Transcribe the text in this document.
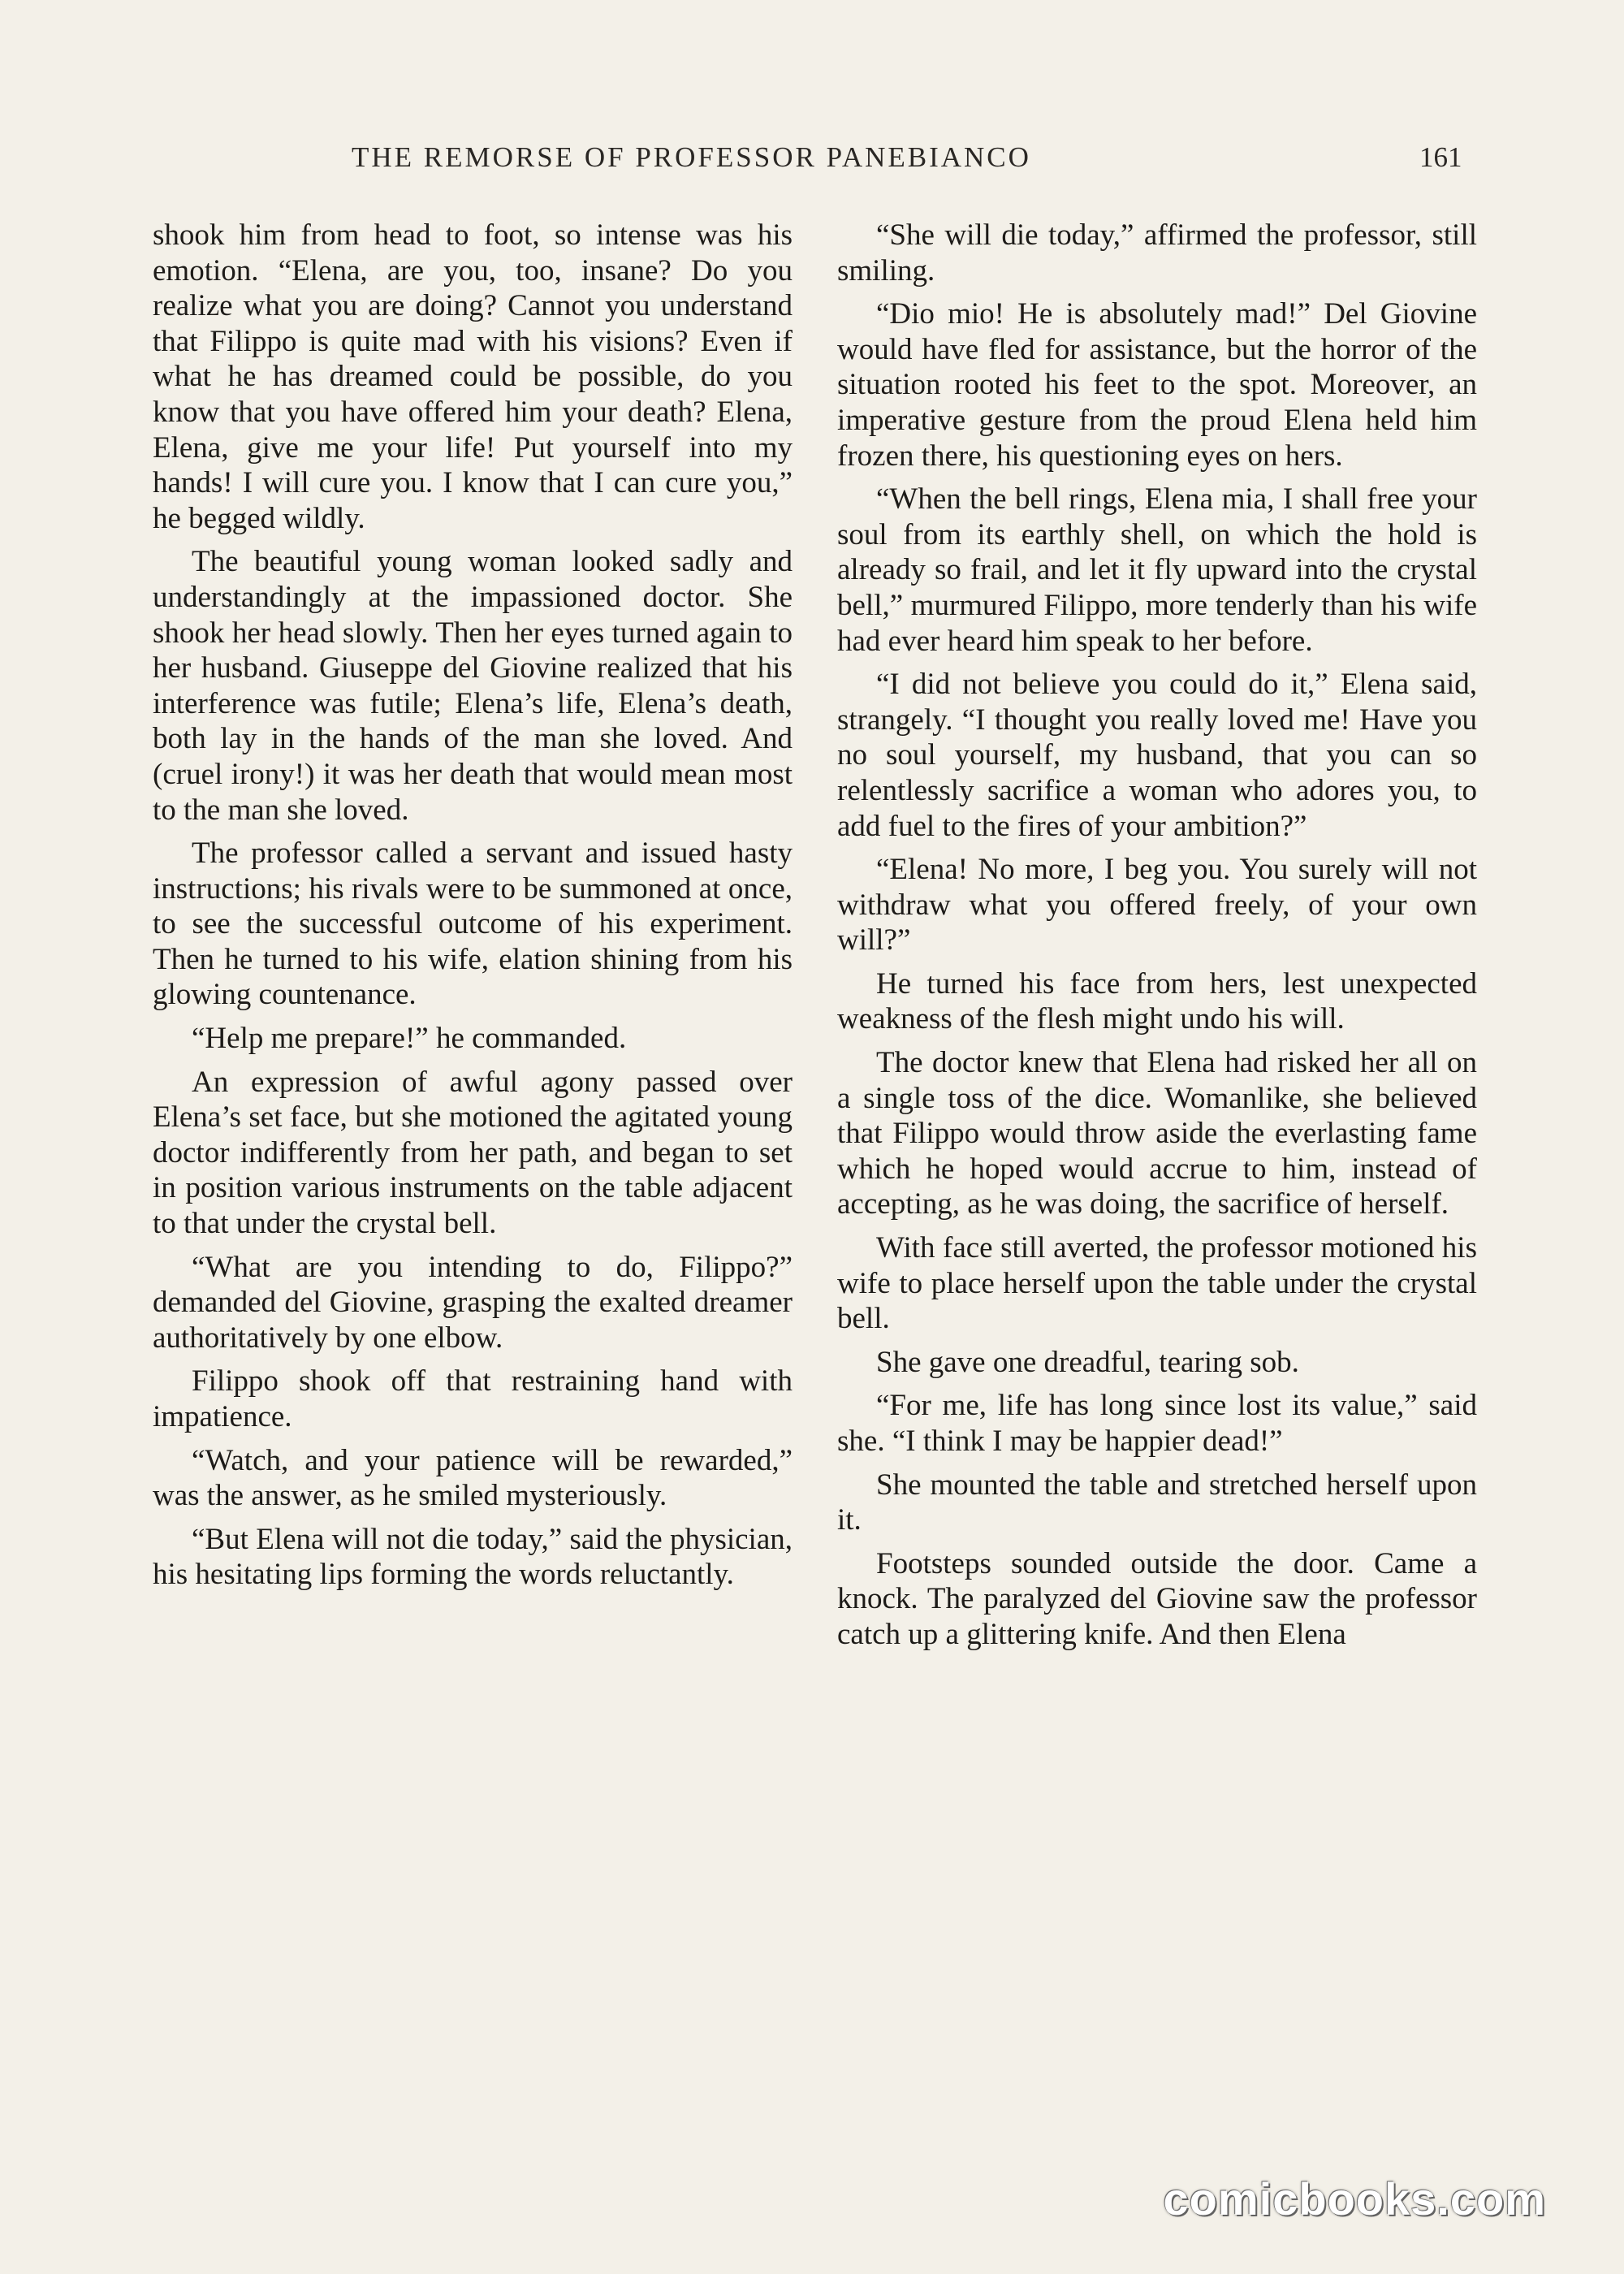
THE REMORSE OF PROFESSOR PANEBIANCO	161

shook him from head to foot, so intense was his emotion. “Elena, are you, too, insane? Do you realize what you are doing? Cannot you understand that Filippo is quite mad with his visions? Even if what he has dreamed could be possible, do you know that you have offered him your death? Elena, Elena, give me your life! Put yourself into my hands! I will cure you. I know that I can cure you,” he begged wildly.

The beautiful young woman looked sadly and understandingly at the impassioned doctor. She shook her head slowly. Then her eyes turned again to her husband. Giuseppe del Giovine realized that his interference was futile; Elena’s life, Elena’s death, both lay in the hands of the man she loved. And (cruel irony!) it was her death that would mean most to the man she loved.

The professor called a servant and issued hasty instructions; his rivals were to be summoned at once, to see the successful outcome of his experiment. Then he turned to his wife, elation shining from his glowing countenance.

“Help me prepare!” he commanded.

An expression of awful agony passed over Elena’s set face, but she motioned the agitated young doctor indifferently from her path, and began to set in position various instruments on the table adjacent to that under the crystal bell.

“What are you intending to do, Filippo?” demanded del Giovine, grasping the exalted dreamer authoritatively by one elbow.

Filippo shook off that restraining hand with impatience.

“Watch, and your patience will be rewarded,” was the answer, as he smiled mysteriously.

“But Elena will not die today,” said the physician, his hesitating lips forming the words reluctantly.

“She will die today,” affirmed the professor, still smiling.

“Dio mio! He is absolutely mad!” Del Giovine would have fled for assistance, but the horror of the situation rooted his feet to the spot. Moreover, an imperative gesture from the proud Elena held him frozen there, his questioning eyes on hers.

“When the bell rings, Elena mia, I shall free your soul from its earthly shell, on which the hold is already so frail, and let it fly upward into the crystal bell,” murmured Filippo, more tenderly than his wife had ever heard him speak to her before.

“I did not believe you could do it,” Elena said, strangely. “I thought you really loved me! Have you no soul yourself, my husband, that you can so relentlessly sacrifice a woman who adores you, to add fuel to the fires of your ambition?”

“Elena! No more, I beg you. You surely will not withdraw what you offered freely, of your own will?”

He turned his face from hers, lest unexpected weakness of the flesh might undo his will.

The doctor knew that Elena had risked her all on a single toss of the dice. Womanlike, she believed that Filippo would throw aside the everlasting fame which he hoped would accrue to him, instead of accepting, as he was doing, the sacrifice of herself.

With face still averted, the professor motioned his wife to place herself upon the table under the crystal bell.

She gave one dreadful, tearing sob.

“For me, life has long since lost its value,” said she. “I think I may be happier dead!”

She mounted the table and stretched herself upon it.

Footsteps sounded outside the door. Came a knock. The paralyzed del Giovine saw the professor catch up a glittering knife. And then Elena

comicbooks.com
